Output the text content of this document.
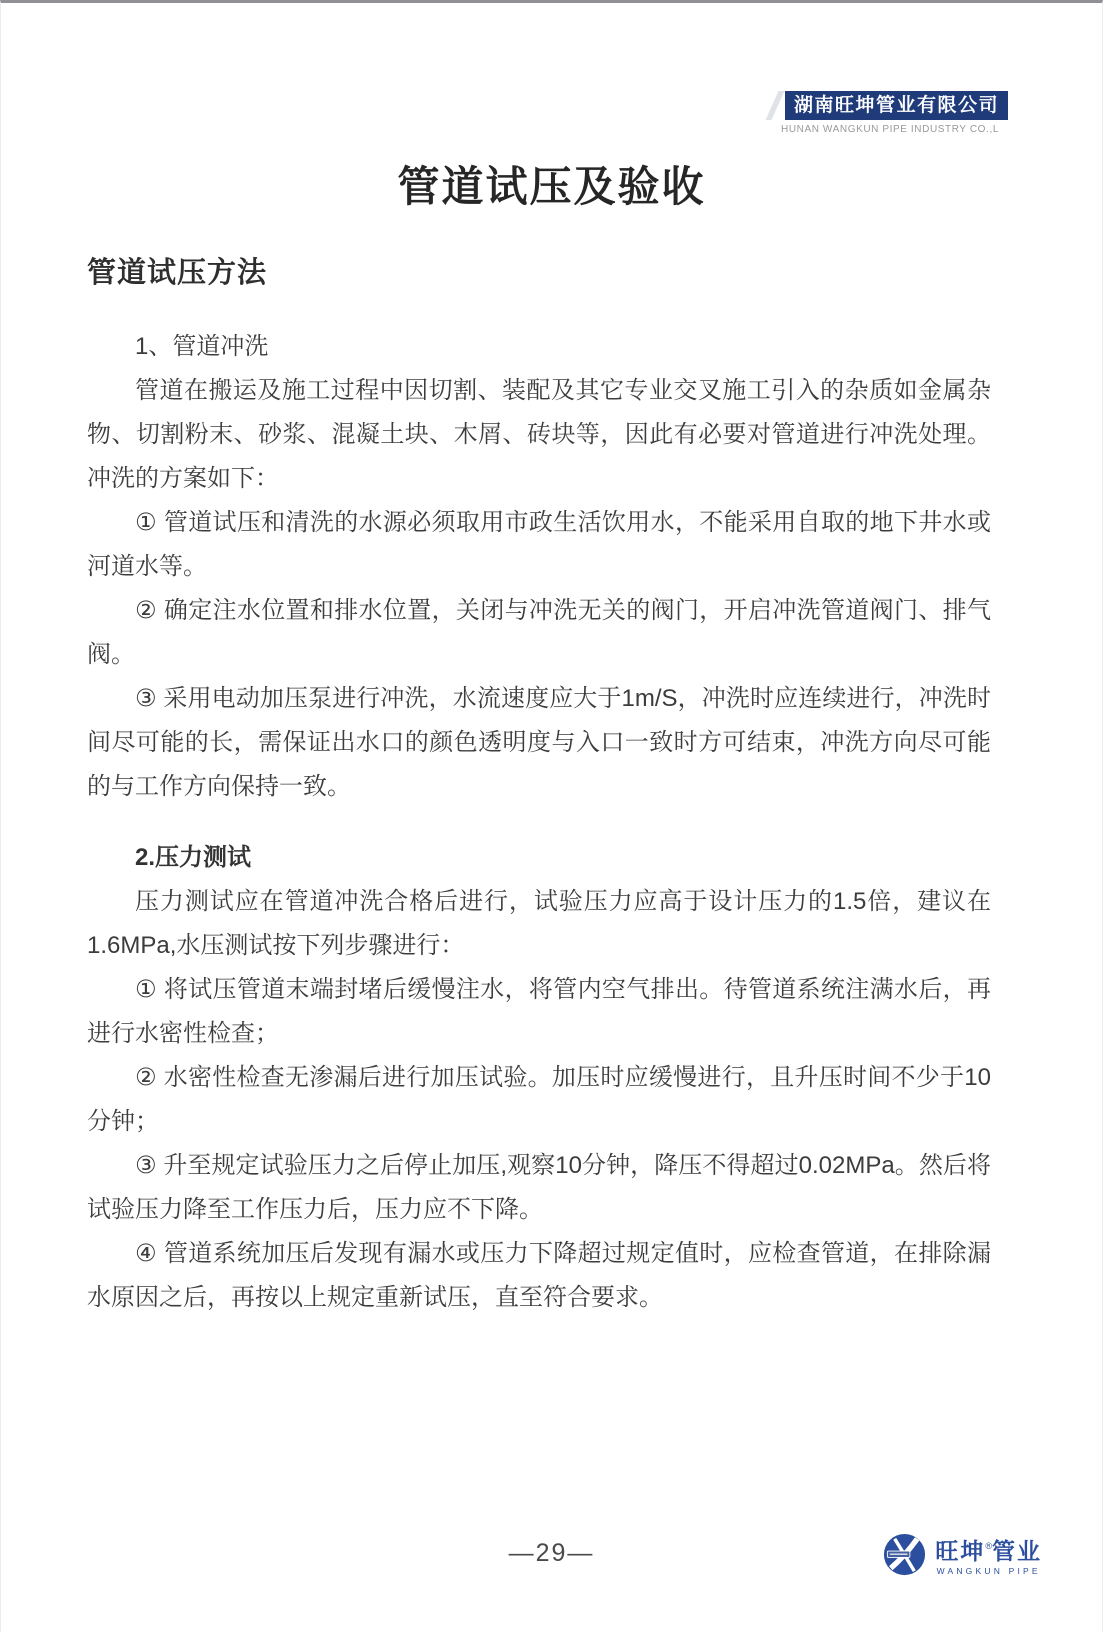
湖南旺坤管业有限公司
HUNAN WANGKUN PIPE INDUSTRY CO.,L
管道试压及验收
管道试压方法

1、管道冲洗

管道在搬运及施工过程中因切割、装配及其它专业交叉施工引入的杂质如金属杂物、切割粉末、砂浆、混凝土块、木屑、砖块等，因此有必要对管道进行冲洗处理。冲洗的方案如下：

① 管道试压和清洗的水源必须取用市政生活饮用水，不能采用自取的地下井水或河道水等。

② 确定注水位置和排水位置，关闭与冲洗无关的阀门，开启冲洗管道阀门、排气阀。

③ 采用电动加压泵进行冲洗，水流速度应大于1m/S，冲洗时应连续进行，冲洗时间尽可能的长，需保证出水口的颜色透明度与入口一致时方可结束，冲洗方向尽可能的与工作方向保持一致。

2.压力测试

压力测试应在管道冲洗合格后进行，试验压力应高于设计压力的1.5倍，建议在1.6MPa,水压测试按下列步骤进行：

① 将试压管道末端封堵后缓慢注水，将管内空气排出。待管道系统注满水后，再进行水密性检查；

② 水密性检查无渗漏后进行加压试验。加压时应缓慢进行，且升压时间不少于10分钟；

③ 升至规定试验压力之后停止加压,观察10分钟，降压不得超过0.02MPa。然后将试验压力降至工作压力后，压力应不下降。

④ 管道系统加压后发现有漏水或压力下降超过规定值时，应检查管道，在排除漏水原因之后，再按以上规定重新试压，直至符合要求。

—29—	旺坤®管业
WANGKUN PIPE
